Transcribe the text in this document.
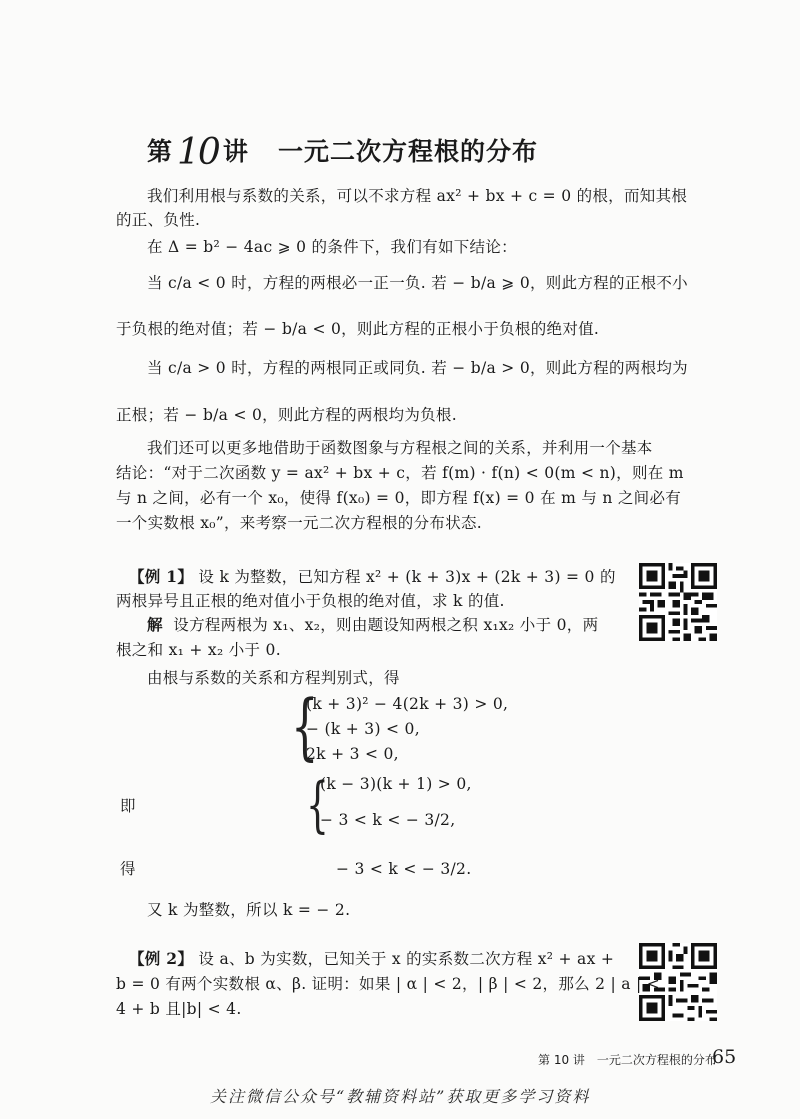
第 10 讲 一元二次方程根的分布
我们利用根与系数的关系，可以不求方程 ax² + bx + c = 0 的根，而知其根
的正、负性.
在 Δ = b² − 4ac ⩾ 0 的条件下，我们有如下结论：
当 c/a < 0 时，方程的两根必一正一负. 若 − b/a ⩾ 0，则此方程的正根不小
于负根的绝对值；若 − b/a < 0，则此方程的正根小于负根的绝对值.
当 c/a > 0 时，方程的两根同正或同负. 若 − b/a > 0，则此方程的两根均为
正根；若 − b/a < 0，则此方程的两根均为负根.
我们还可以更多地借助于函数图象与方程根之间的关系，并利用一个基本
结论：“对于二次函数 y = ax² + bx + c，若 f(m) · f(n) < 0(m < n)，则在 m
与 n 之间，必有一个 x₀，使得 f(x₀) = 0，即方程 f(x) = 0 在 m 与 n 之间必有
一个实数根 x₀”，来考察一元二次方程根的分布状态.
【例 1】 设 k 为整数，已知方程 x² + (k + 3)x + (2k + 3) = 0 的
两根异号且正根的绝对值小于负根的绝对值，求 k 的值.
解 设方程两根为 x₁、x₂，则由题设知两根之积 x₁x₂ 小于 0，两
根之和 x₁ + x₂ 小于 0.
由根与系数的关系和方程判别式，得
{
(k + 3)² − 4(2k + 3) > 0,
− (k + 3) < 0,
2k + 3 < 0,
即	{
(k − 3)(k + 1) > 0,
− 3 < k < − 3/2,
得	− 3 < k < − 3/2.
又 k 为整数，所以 k = − 2.
【例 2】 设 a、b 为实数，已知关于 x 的实系数二次方程 x² + ax +
b = 0 有两个实数根 α、β. 证明：如果 | α | < 2，| β | < 2，那么 2 | a | <
4 + b 且|b| < 4.
第 10 讲　一元二次方程根的分布
65
关注微信公众号“教辅资料站”获取更多学习资料
